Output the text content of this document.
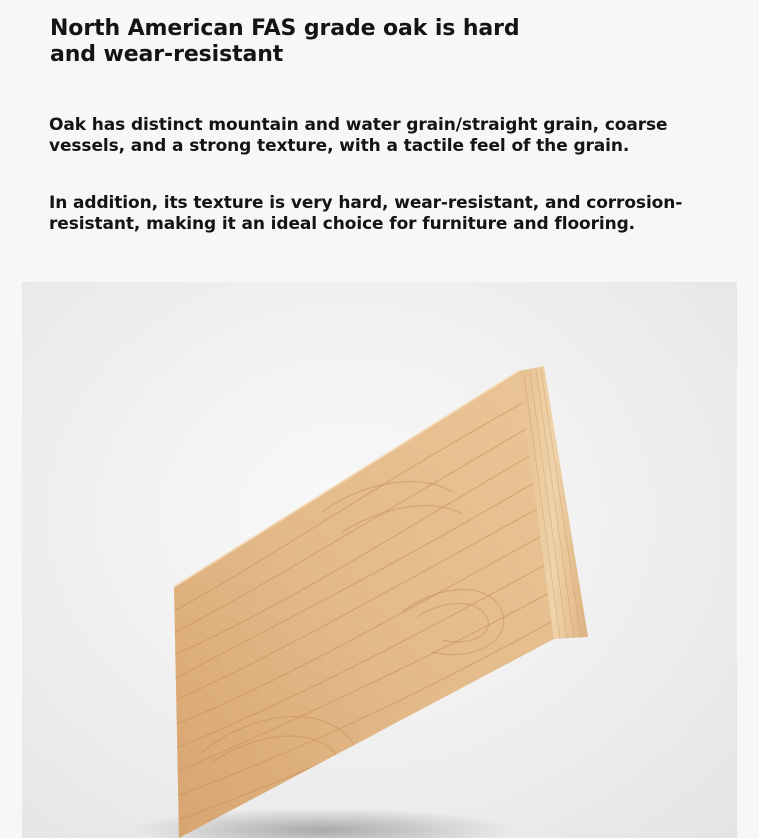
North American FAS grade oak is hard and wear-resistant

Oak has distinct mountain and water grain/straight grain, coarse vessels, and a strong texture, with a tactile feel of the grain.

In addition, its texture is very hard, wear-resistant, and corrosion-resistant, making it an ideal choice for furniture and flooring.
